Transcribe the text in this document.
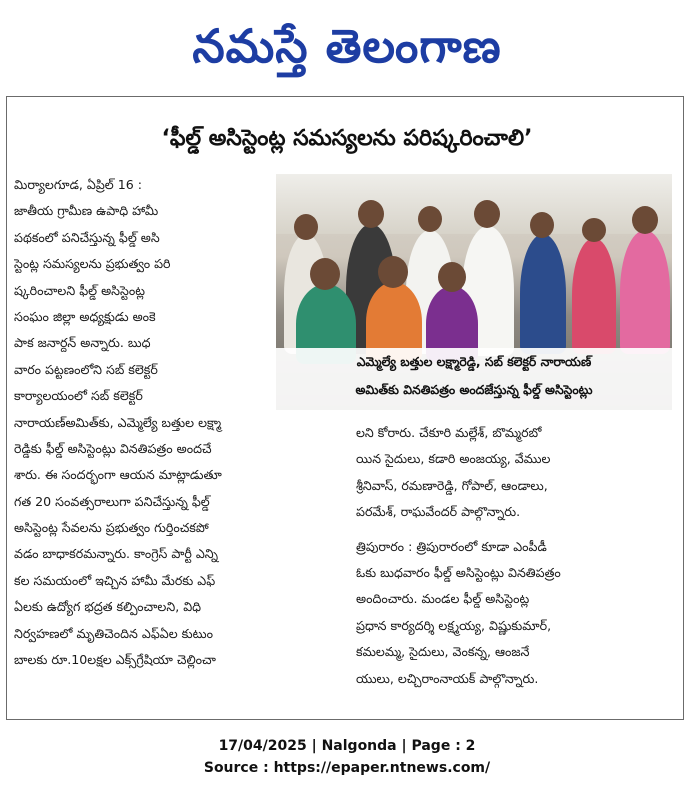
నమస్తే తెలంగాణ
‘ఫీల్డ్ అసిస్టెంట్ల సమస్యలను పరిష్కరించాలి’
మిర్యాలగూడ, ఏప్రిల్ 16 :
జాతీయ గ్రామీణ ఉపాధి హామీ
పథకంలో పనిచేస్తున్న ఫీల్డ్ అసి
స్టెంట్ల సమస్యలను ప్రభుత్వం పరి
ష్కరించాలని ఫీల్డ్ అసిస్టెంట్ల
సంఘం జిల్లా అధ్యక్షుడు అంకె
పాక జనార్దన్ అన్నారు. బుధ
వారం పట్టణంలోని సబ్ కలెక్టర్
కార్యాలయంలో సబ్ కలెక్టర్
నారాయణ్‌అమిత్‌కు, ఎమ్మెల్యే బత్తుల లక్ష్మా
రెడ్డికు ఫీల్డ్ అసిస్టెంట్లు వినతిపత్రం అందచే
శారు. ఈ సందర్భంగా ఆయన మాట్లాడుతూ
గత 20 సంవత్సరాలుగా పనిచేస్తున్న ఫీల్డ్
అసిస్టెంట్ల సేవలను ప్రభుత్వం గుర్తించకపో
వడం బాధాకరమన్నారు. కాంగ్రెస్ పార్టీ ఎన్ని
కల సమయంలో ఇచ్చిన హామీ మేరకు ఎఫ్
ఏలకు ఉద్యోగ భద్రత కల్పించాలని, విధి
నిర్వహణలో మృతిచెందిన ఎఫ్‌ఏల కుటుం
బాలకు రూ.10లక్షల ఎక్స్‌గ్రేషియా చెల్లించా
ఎమ్మెల్యే బత్తుల లక్ష్మారెడ్డి, సబ్ కలెక్టర్ నారాయణ్
అమిత్‌కు వినతిపత్రం అందజేస్తున్న ఫీల్డ్ అసిస్టెంట్లు
లని కోరారు. చేకూరి మల్లేశ్, బొమ్మరబో
యిన సైదులు, కడారి అంజయ్య, వేముల
శ్రీనివాస్, రమణారెడ్డి, గోపాల్, ఆండాలు,
పరమేశ్, రాఘవేందర్ పాల్గొన్నారు.
త్రిపురారం : త్రిపురారంలో కూడా ఎంపీడీ
ఓకు బుధవారం ఫీల్డ్ అసిస్టెంట్లు వినతిపత్రం
అందించారు. మండల ఫీల్డ్ అసిస్టెంట్ల
ప్రధాన కార్యదర్శి లక్ష్మయ్య, విష్ణుకుమార్,
కమలమ్మ, సైదులు, వెంకన్న, ఆంజనే
యులు, లచ్చిరాంనాయక్ పాల్గొన్నారు.
17/04/2025 | Nalgonda | Page : 2
Source : https://epaper.ntnews.com/
